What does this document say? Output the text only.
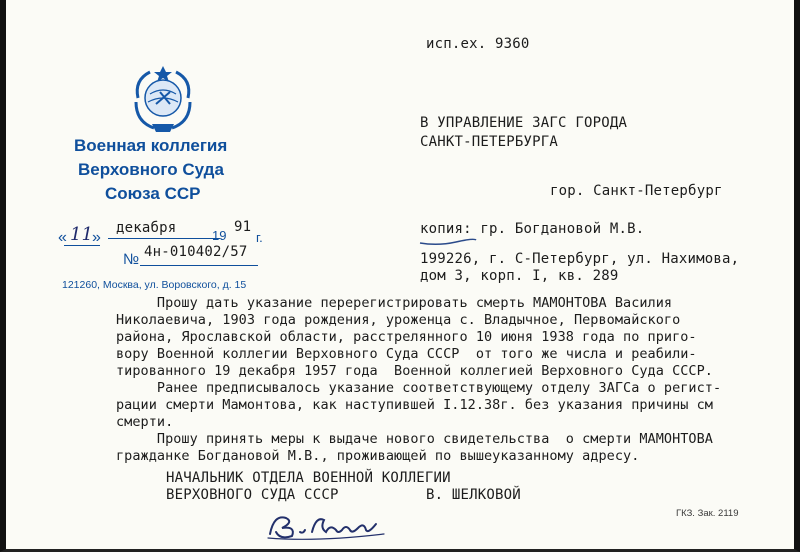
исп.ех. 9360
Военная коллегия
Верховного Суда
Союза ССР
« 11 »
декабря	19
91
г.
№ 4н-010402/57
121260, Москва, ул. Воровского, д. 15
В УПРАВЛЕНИЕ ЗАГС ГОРОДА
САНКТ-ПЕТЕРБУРГА
гор. Санкт-Петербург
копия: гр. Богдановой М.В.
199226, г. С-Петербург, ул. Нахимова,
дом 3, корп. I, кв. 289
Прошу дать указание перерегистрировать смерть МАМОНТОВА Василия
Николаевича, 1903 года рождения, уроженца с. Владычное, Первомайского
района, Ярославской области, расстрелянного 10 июня 1938 года по приго-
вору Военной коллегии Верховного Суда СССР  от того же числа и реабили-
тированного 19 декабря 1957 года  Военной коллегией Верховного Суда СССР.
Ранее предписывалось указание соответствующему отделу ЗАГСа о регист-
рации смерти Мамонтова, как наступившей I.12.38г. без указания причины см
смерти.
Прошу принять меры к выдаче нового свидетельства  о смерти МАМОНТОВА
гражданке Богдановой М.В., проживающей по вышеуказанному адресу.
НАЧАЛЬНИК ОТДЕЛА ВОЕННОЙ КОЛЛЕГИИ
ВЕРХОВНОГО СУДА СССР	В. ШЕЛКОВОЙ
ГКЗ. Зак. 2119
